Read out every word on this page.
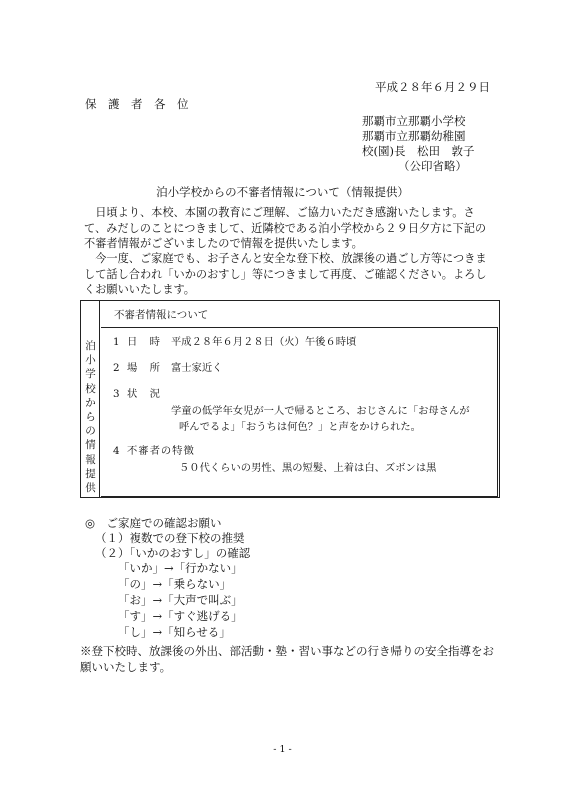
平成２８年６月２９日
保　護　者　各　位
那覇市立那覇小学校
那覇市立那覇幼稚園
校(園)長　松田　敦子
（公印省略）
泊小学校からの不審者情報について（情報提供）
　日頃より、本校、本園の教育にご理解、ご協力いただき感謝いたします。さて、みだしのことにつきまして、近隣校である泊小学校から２９日夕方に下記の不審者情報がございましたので情報を提供いたします。
　今一度、ご家庭でも、お子さんと安全な登下校、放課後の過ごし方等につきまして話し合われ「いかのおすし」等につきまして再度、ご確認ください。よろしくお願いいたします。
泊小学校からの情報提供
不審者情報について
1 日　時 平成２８年６月２８日（火）午後６時頃
2 場　所 富士家近く
3 状　況
学童の低学年女児が一人で帰るところ、おじさんに「お母さんが
呼んでるよ」「おうちは何色？」と声をかけられた。
4 不審者の特徴
５０代くらいの男性、黒の短髪、上着は白、ズボンは黒
◎　ご家庭での確認お願い
（１）複数での登下校の推奨
（２）「いかのおすし」の確認
「いか」→「行かない」
「の」→「乗らない」
「お」→「大声で叫ぶ」
「す」→「すぐ逃げる」
「し」→「知らせる」
※登下校時、放課後の外出、部活動・塾・習い事などの行き帰りの安全指導をお願いいたします。
- 1 -
